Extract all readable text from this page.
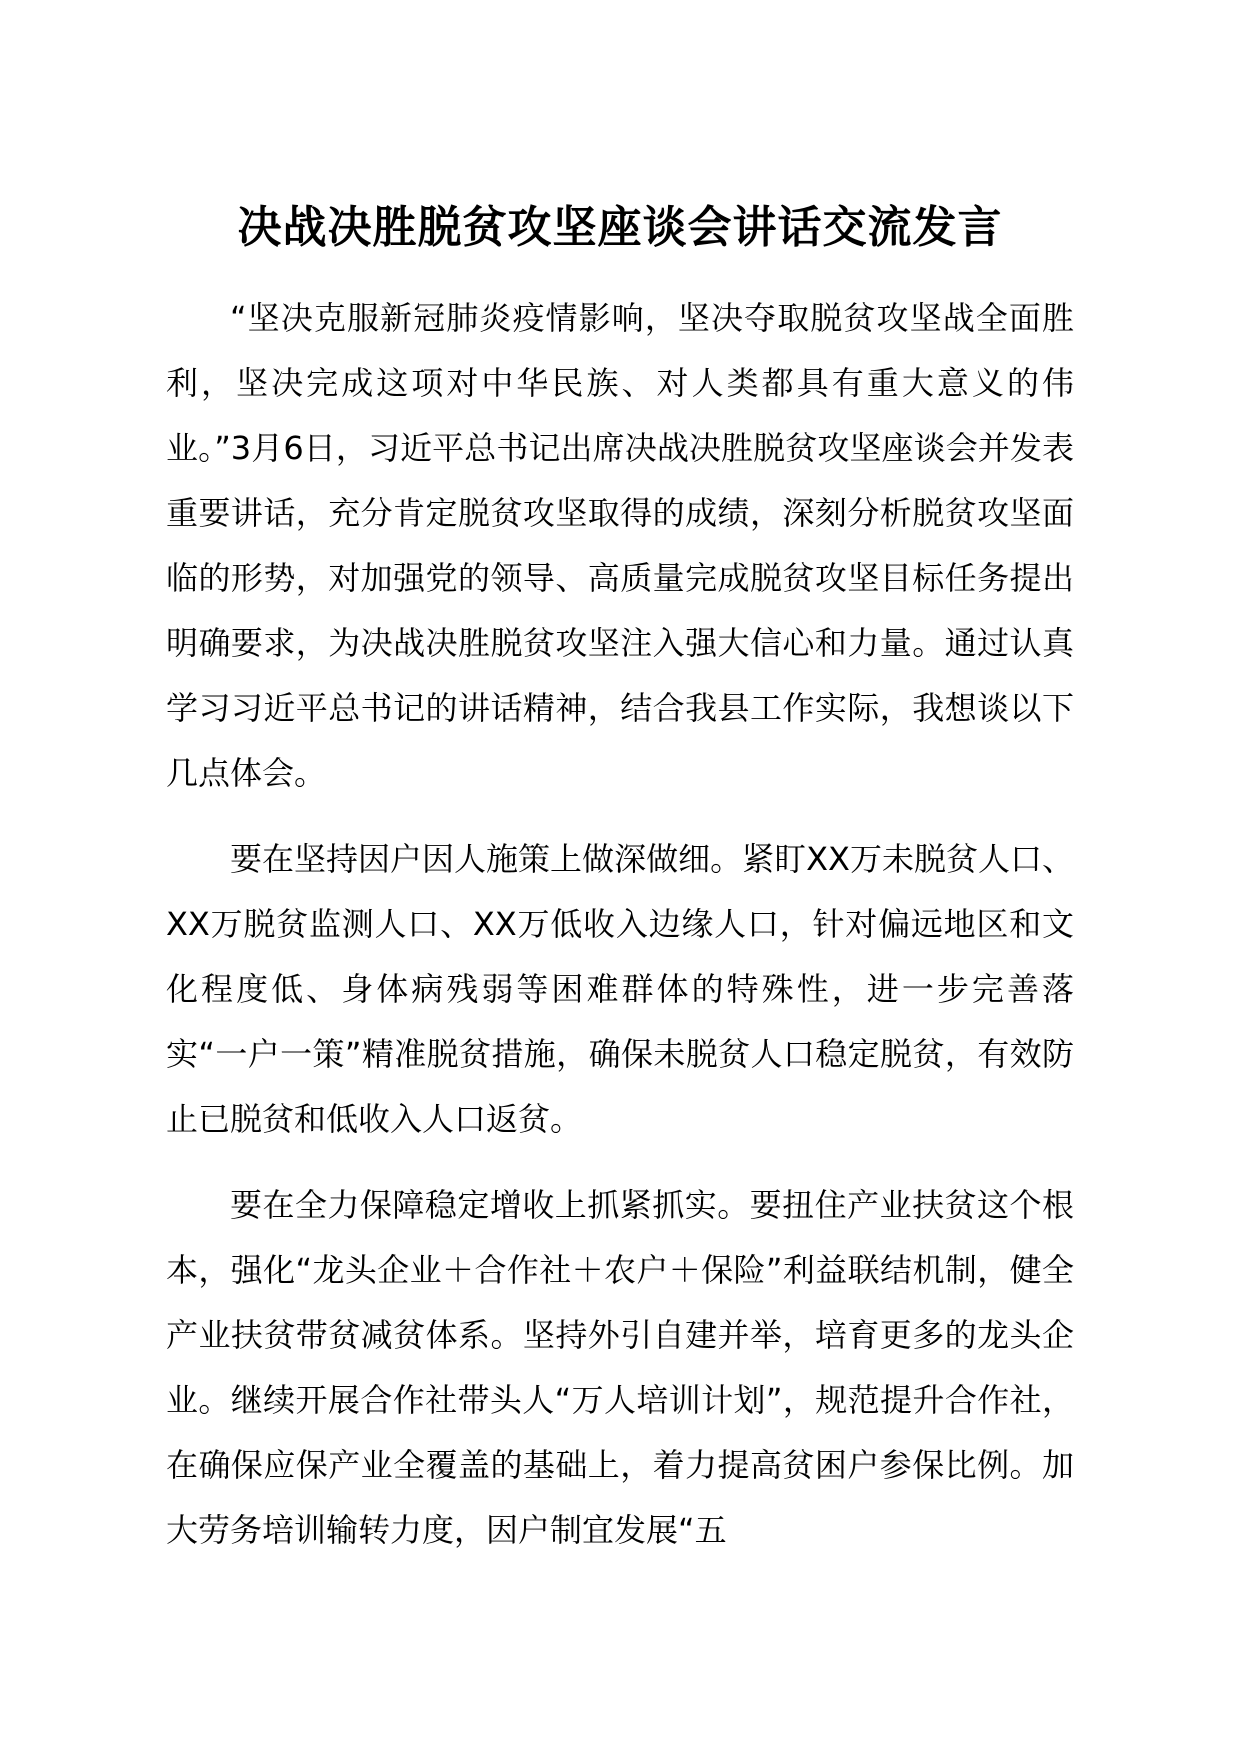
决战决胜脱贫攻坚座谈会讲话交流发言

“坚决克服新冠肺炎疫情影响，坚决夺取脱贫攻坚战全面胜利，坚决完成这项对中华民族、对人类都具有重大意义的伟业。”3月6日，习近平总书记出席决战决胜脱贫攻坚座谈会并发表重要讲话，充分肯定脱贫攻坚取得的成绩，深刻分析脱贫攻坚面临的形势，对加强党的领导、高质量完成脱贫攻坚目标任务提出明确要求，为决战决胜脱贫攻坚注入强大信心和力量。通过认真学习习近平总书记的讲话精神，结合我县工作实际，我想谈以下几点体会。

要在坚持因户因人施策上做深做细。紧盯XX万未脱贫人口、XX万脱贫监测人口、XX万低收入边缘人口，针对偏远地区和文化程度低、身体病残弱等困难群体的特殊性，进一步完善落实“一户一策”精准脱贫措施，确保未脱贫人口稳定脱贫，有效防止已脱贫和低收入人口返贫。

要在全力保障稳定增收上抓紧抓实。要扭住产业扶贫这个根本，强化“龙头企业＋合作社＋农户＋保险”利益联结机制，健全产业扶贫带贫减贫体系。坚持外引自建并举，培育更多的龙头企业。继续开展合作社带头人“万人培训计划”，规范提升合作社，在确保应保产业全覆盖的基础上，着力提高贫困户参保比例。加大劳务培训输转力度，因户制宜发展“五
